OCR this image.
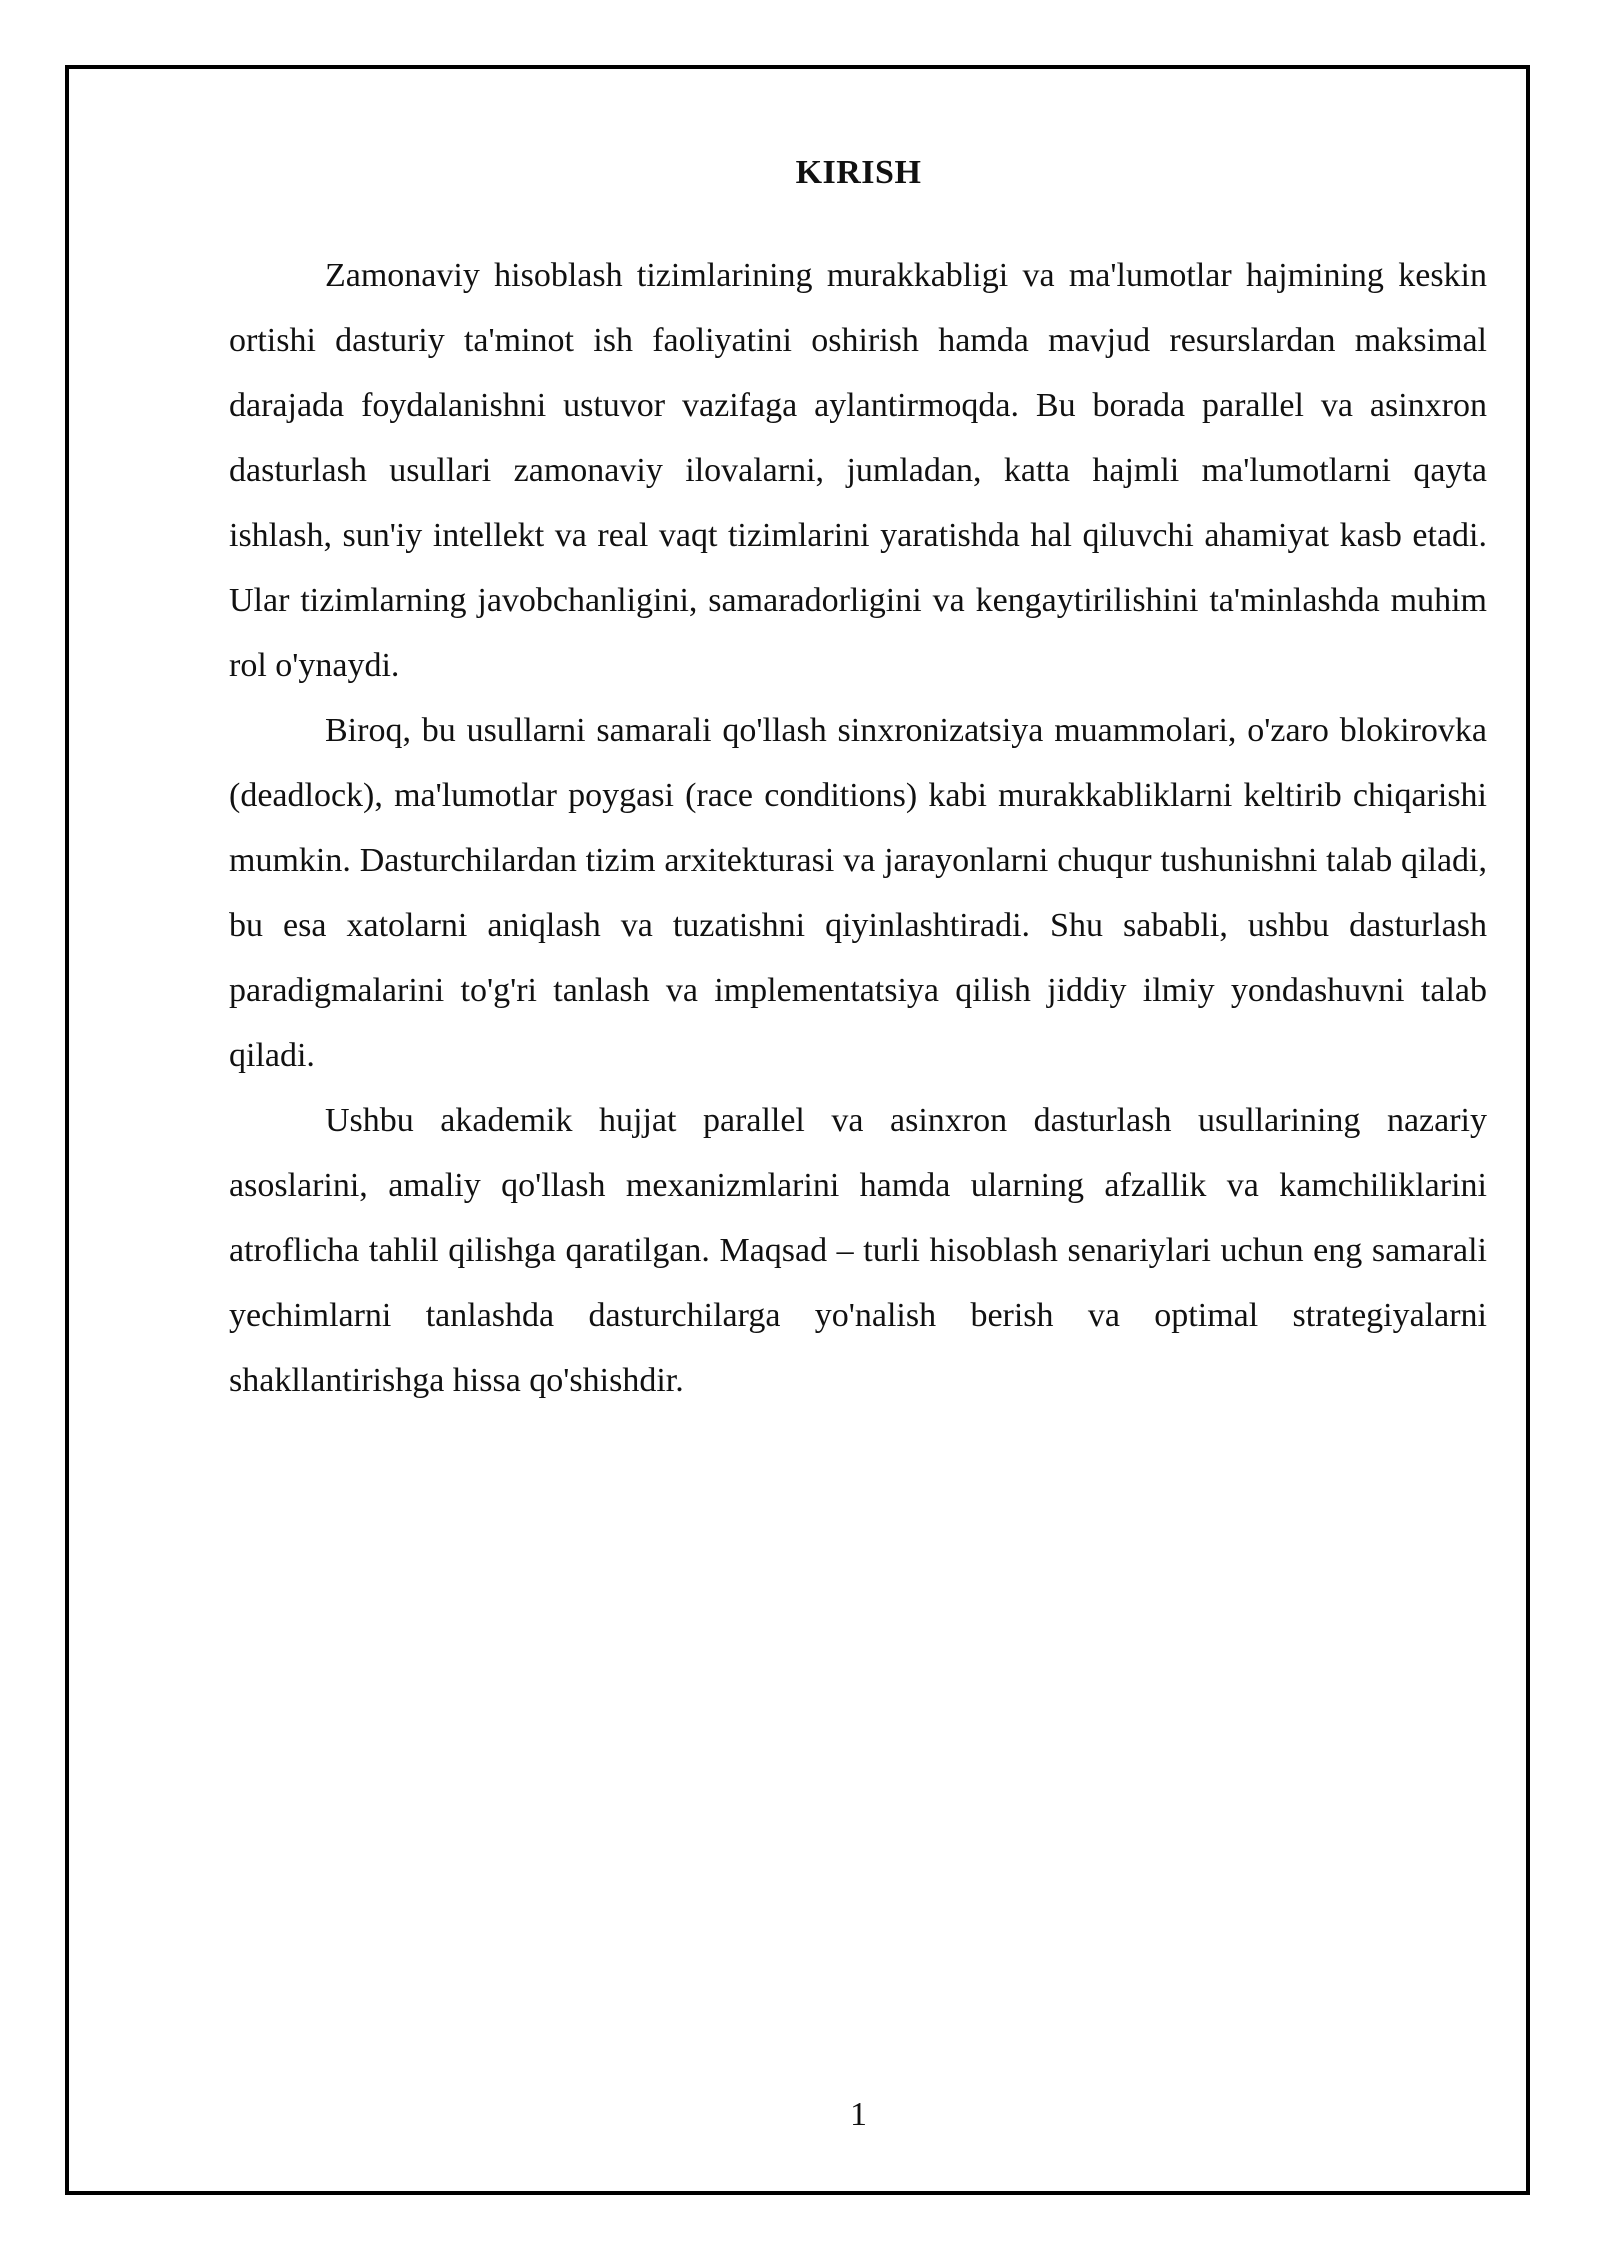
KIRISH

Zamonaviy hisoblash tizimlarining murakkabligi va ma'lumotlar hajmining keskin ortishi dasturiy ta'minot ish faoliyatini oshirish hamda mavjud resurslardan maksimal darajada foydalanishni ustuvor vazifaga aylantirmoqda. Bu borada parallel va asinxron dasturlash usullari zamonaviy ilovalarni, jumladan, katta hajmli ma'lumotlarni qayta ishlash, sun'iy intellekt va real vaqt tizimlarini yaratishda hal qiluvchi ahamiyat kasb etadi. Ular tizimlarning javobchanligini, samaradorligini va kengaytirilishini ta'minlashda muhim rol o'ynaydi.

Biroq, bu usullarni samarali qo'llash sinxronizatsiya muammolari, o'zaro blokirovka (deadlock), ma'lumotlar poygasi (race conditions) kabi murakkabliklarni keltirib chiqarishi mumkin. Dasturchilardan tizim arxitekturasi va jarayonlarni chuqur tushunishni talab qiladi, bu esa xatolarni aniqlash va tuzatishni qiyinlashtiradi. Shu sababli, ushbu dasturlash paradigmalarini to'g'ri tanlash va implementatsiya qilish jiddiy ilmiy yondashuvni talab qiladi.

Ushbu akademik hujjat parallel va asinxron dasturlash usullarining nazariy asoslarini, amaliy qo'llash mexanizmlarini hamda ularning afzallik va kamchiliklarini atroflicha tahlil qilishga qaratilgan. Maqsad – turli hisoblash senariylari uchun eng samarali yechimlarni tanlashda dasturchilarga yo'nalish berish va optimal strategiyalarni shakllantirishga hissa qo'shishdir.

1
